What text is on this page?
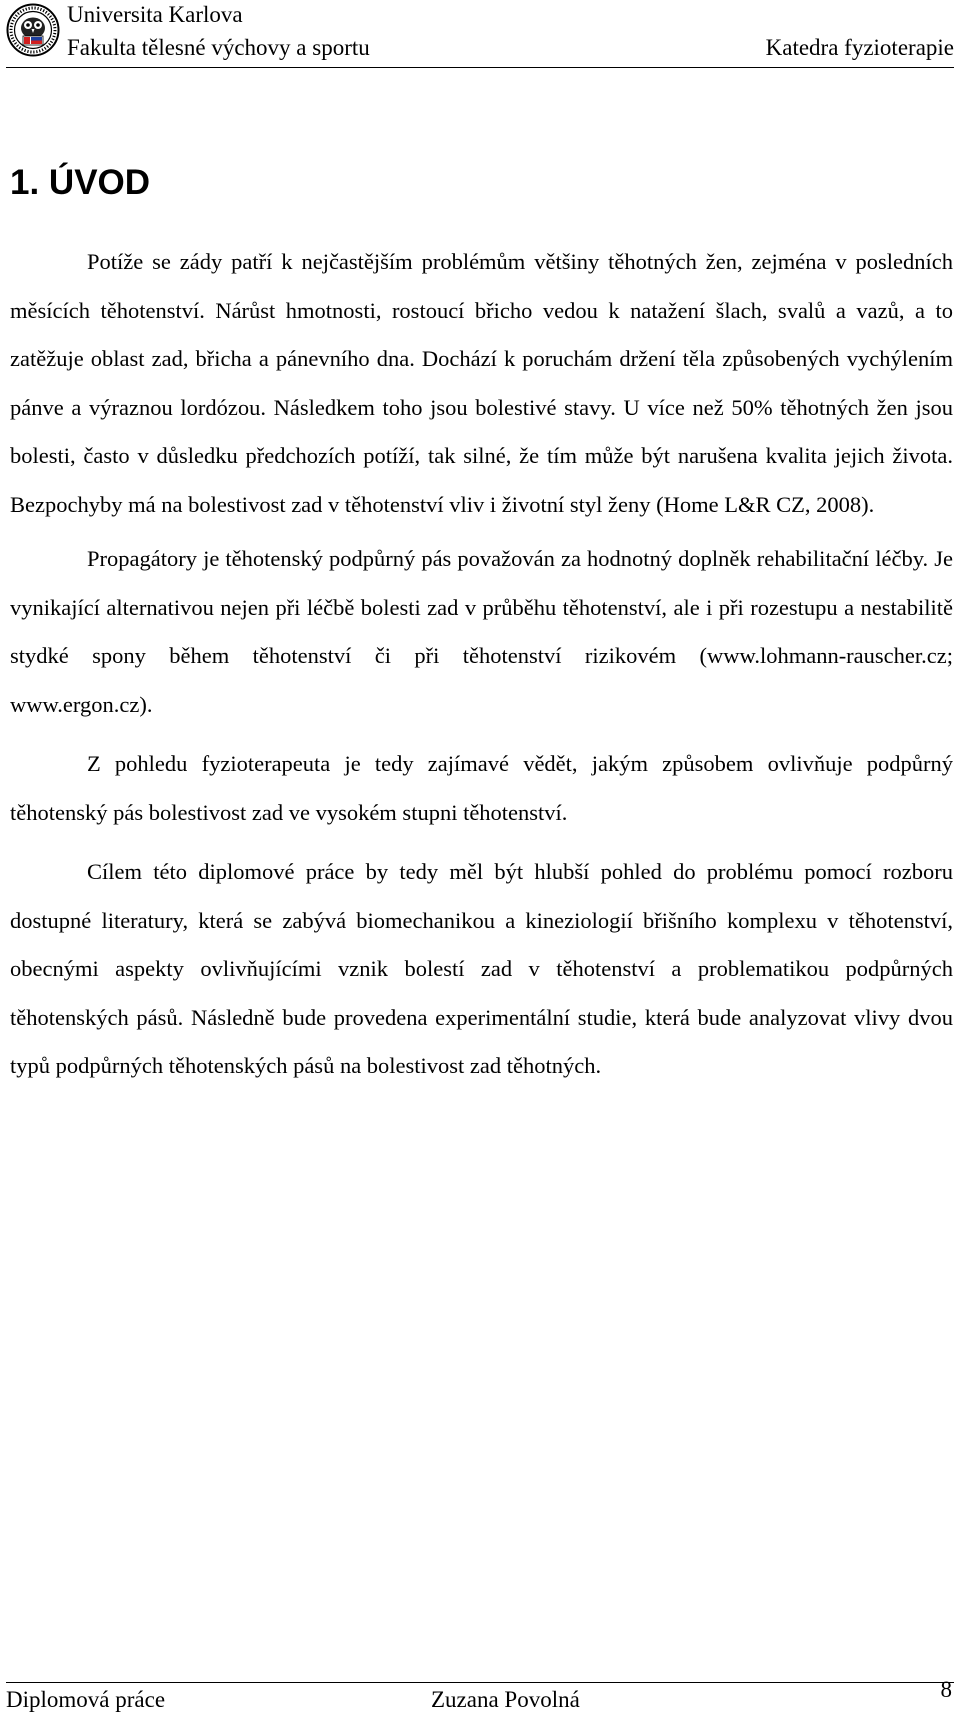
Universita Karlova
Fakulta tělesné výchovy a sportu	Katedra fyzioterapie
1. ÚVOD

Potíže se zády patří k nejčastějším problémům většiny těhotných žen, zejména v posledních měsících těhotenství. Nárůst hmotnosti, rostoucí břicho vedou k natažení šlach, svalů a vazů, a to zatěžuje oblast zad, břicha a pánevního dna. Dochází k poruchám držení těla způsobených vychýlením pánve a výraznou lordózou. Následkem toho jsou bolestivé stavy. U více než 50% těhotných žen jsou bolesti, často v důsledku předchozích potíží, tak silné, že tím může být narušena kvalita jejich života. Bezpochyby má na bolestivost zad v těhotenství vliv i životní styl ženy (Home L&R CZ, 2008).

Propagátory je těhotenský podpůrný pás považován za hodnotný doplněk rehabilitační léčby. Je vynikající alternativou nejen při léčbě bolesti zad v průběhu těhotenství, ale i při rozestupu a nestabilitě stydké spony během těhotenství či při těhotenství rizikovém (www.lohmann-rauscher.cz; www.ergon.cz).

Z pohledu fyzioterapeuta je tedy zajímavé vědět, jakým způsobem ovlivňuje podpůrný těhotenský pás bolestivost zad ve vysokém stupni těhotenství.

Cílem této diplomové práce by tedy měl být hlubší pohled do problému pomocí rozboru dostupné literatury, která se zabývá biomechanikou a kineziologií břišního komplexu v těhotenství, obecnými aspekty ovlivňujícími vznik bolestí zad v těhotenství a problematikou podpůrných těhotenských pásů. Následně bude provedena experimentální studie, která bude analyzovat vlivy dvou typů podpůrných těhotenských pásů na bolestivost zad těhotných.

Diplomová práce	Zuzana Povolná	8
